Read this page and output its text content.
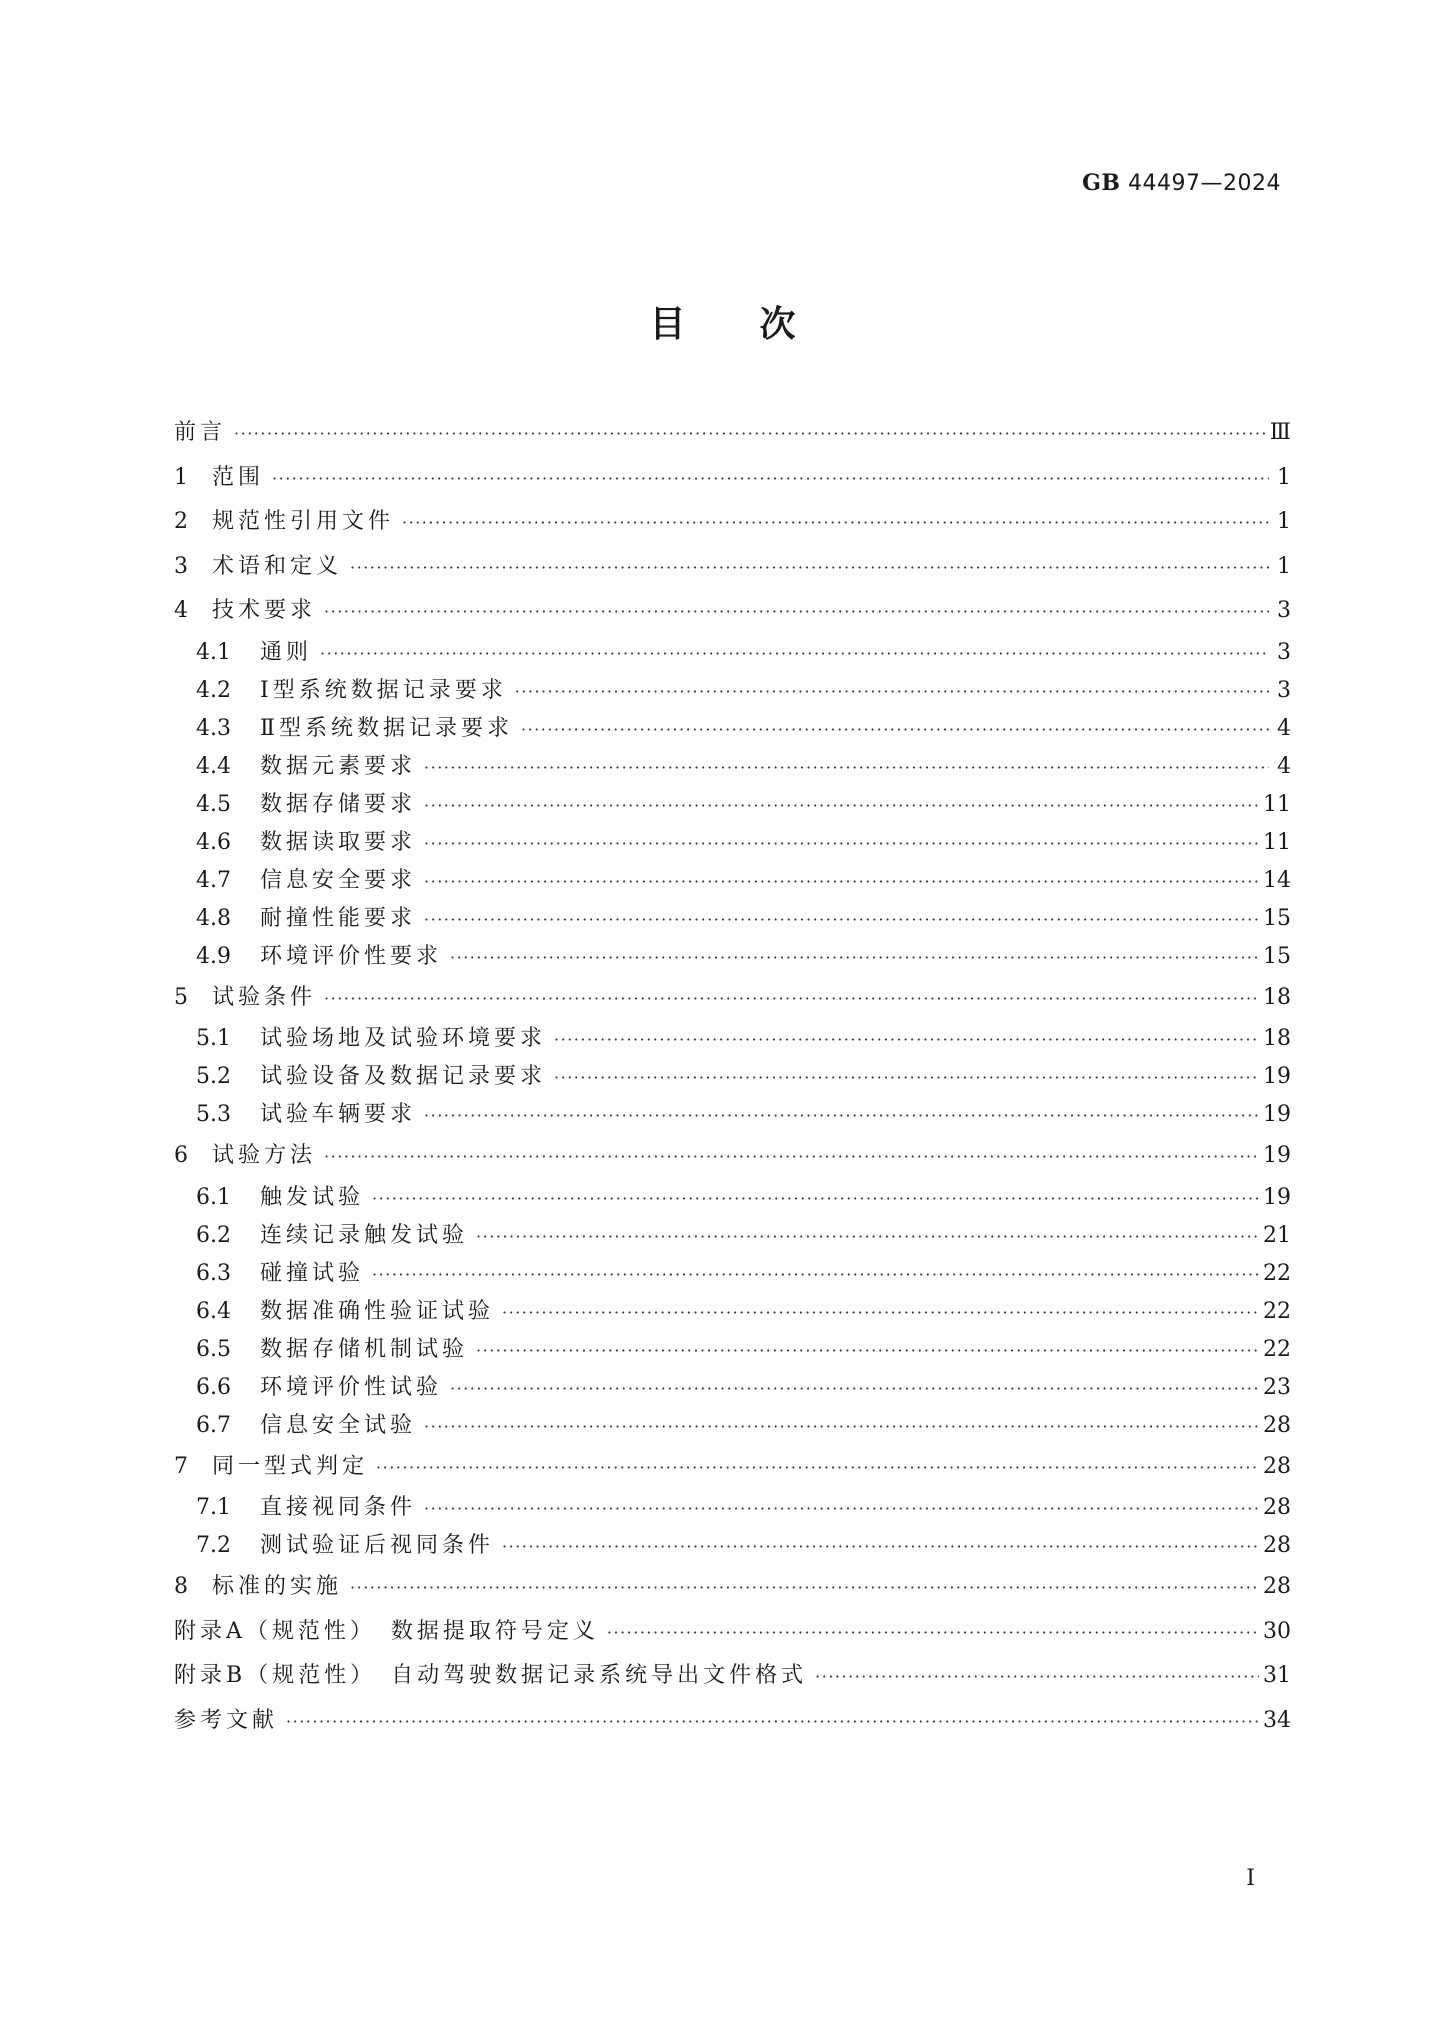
GB 44497—2024
目次
前言 ·····	Ⅲ
1	范围 ·····	1
2	规范性引用文件 ·····	1
3	术语和定义 ·····	1
4	技术要求 ·····	3
4.1	通则 ·····	3
4.2	Ⅰ型系统数据记录要求 ·····	3
4.3	Ⅱ型系统数据记录要求 ·····	4
4.4	数据元素要求 ·····	4
4.5	数据存储要求 ·····	11
4.6	数据读取要求 ·····	11
4.7	信息安全要求 ·····	14
4.8	耐撞性能要求 ·····	15
4.9	环境评价性要求 ·····	15
5	试验条件 ·····	18
5.1	试验场地及试验环境要求 ·····	18
5.2	试验设备及数据记录要求 ·····	19
5.3	试验车辆要求 ·····	19
6	试验方法 ·····	19
6.1	触发试验 ·····	19
6.2	连续记录触发试验 ·····	21
6.3	碰撞试验 ·····	22
6.4	数据准确性验证试验 ·····	22
6.5	数据存储机制试验 ·····	22
6.6	环境评价性试验 ·····	23
6.7	信息安全试验 ·····	28
7	同一型式判定 ·····	28
7.1	直接视同条件 ·····	28
7.2	测试验证后视同条件 ·····	28
8	标准的实施 ·····	28
附录A（规范性）　数据提取符号定义 ·····	30
附录B（规范性）　自动驾驶数据记录系统导出文件格式 ·····	31
参考文献 ·····	34
Ⅰ
